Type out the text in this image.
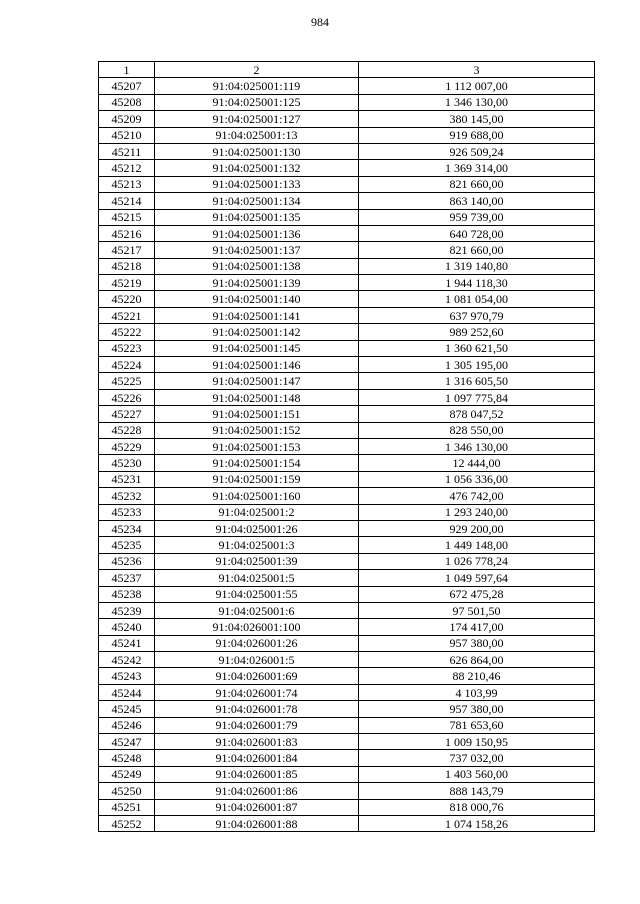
984
1	2	3
45207	91:04:025001:119	1 112 007,00
45208	91:04:025001:125	1 346 130,00
45209	91:04:025001:127	380 145,00
45210	91:04:025001:13	919 688,00
45211	91:04:025001:130	926 509,24
45212	91:04:025001:132	1 369 314,00
45213	91:04:025001:133	821 660,00
45214	91:04:025001:134	863 140,00
45215	91:04:025001:135	959 739,00
45216	91:04:025001:136	640 728,00
45217	91:04:025001:137	821 660,00
45218	91:04:025001:138	1 319 140,80
45219	91:04:025001:139	1 944 118,30
45220	91:04:025001:140	1 081 054,00
45221	91:04:025001:141	637 970,79
45222	91:04:025001:142	989 252,60
45223	91:04:025001:145	1 360 621,50
45224	91:04:025001:146	1 305 195,00
45225	91:04:025001:147	1 316 605,50
45226	91:04:025001:148	1 097 775,84
45227	91:04:025001:151	878 047,52
45228	91:04:025001:152	828 550,00
45229	91:04:025001:153	1 346 130,00
45230	91:04:025001:154	12 444,00
45231	91:04:025001:159	1 056 336,00
45232	91:04:025001:160	476 742,00
45233	91:04:025001:2	1 293 240,00
45234	91:04:025001:26	929 200,00
45235	91:04:025001:3	1 449 148,00
45236	91:04:025001:39	1 026 778,24
45237	91:04:025001:5	1 049 597,64
45238	91:04:025001:55	672 475,28
45239	91:04:025001:6	97 501,50
45240	91:04:026001:100	174 417,00
45241	91:04:026001:26	957 380,00
45242	91:04:026001:5	626 864,00
45243	91:04:026001:69	88 210,46
45244	91:04:026001:74	4 103,99
45245	91:04:026001:78	957 380,00
45246	91:04:026001:79	781 653,60
45247	91:04:026001:83	1 009 150,95
45248	91:04:026001:84	737 032,00
45249	91:04:026001:85	1 403 560,00
45250	91:04:026001:86	888 143,79
45251	91:04:026001:87	818 000,76
45252	91:04:026001:88	1 074 158,26
